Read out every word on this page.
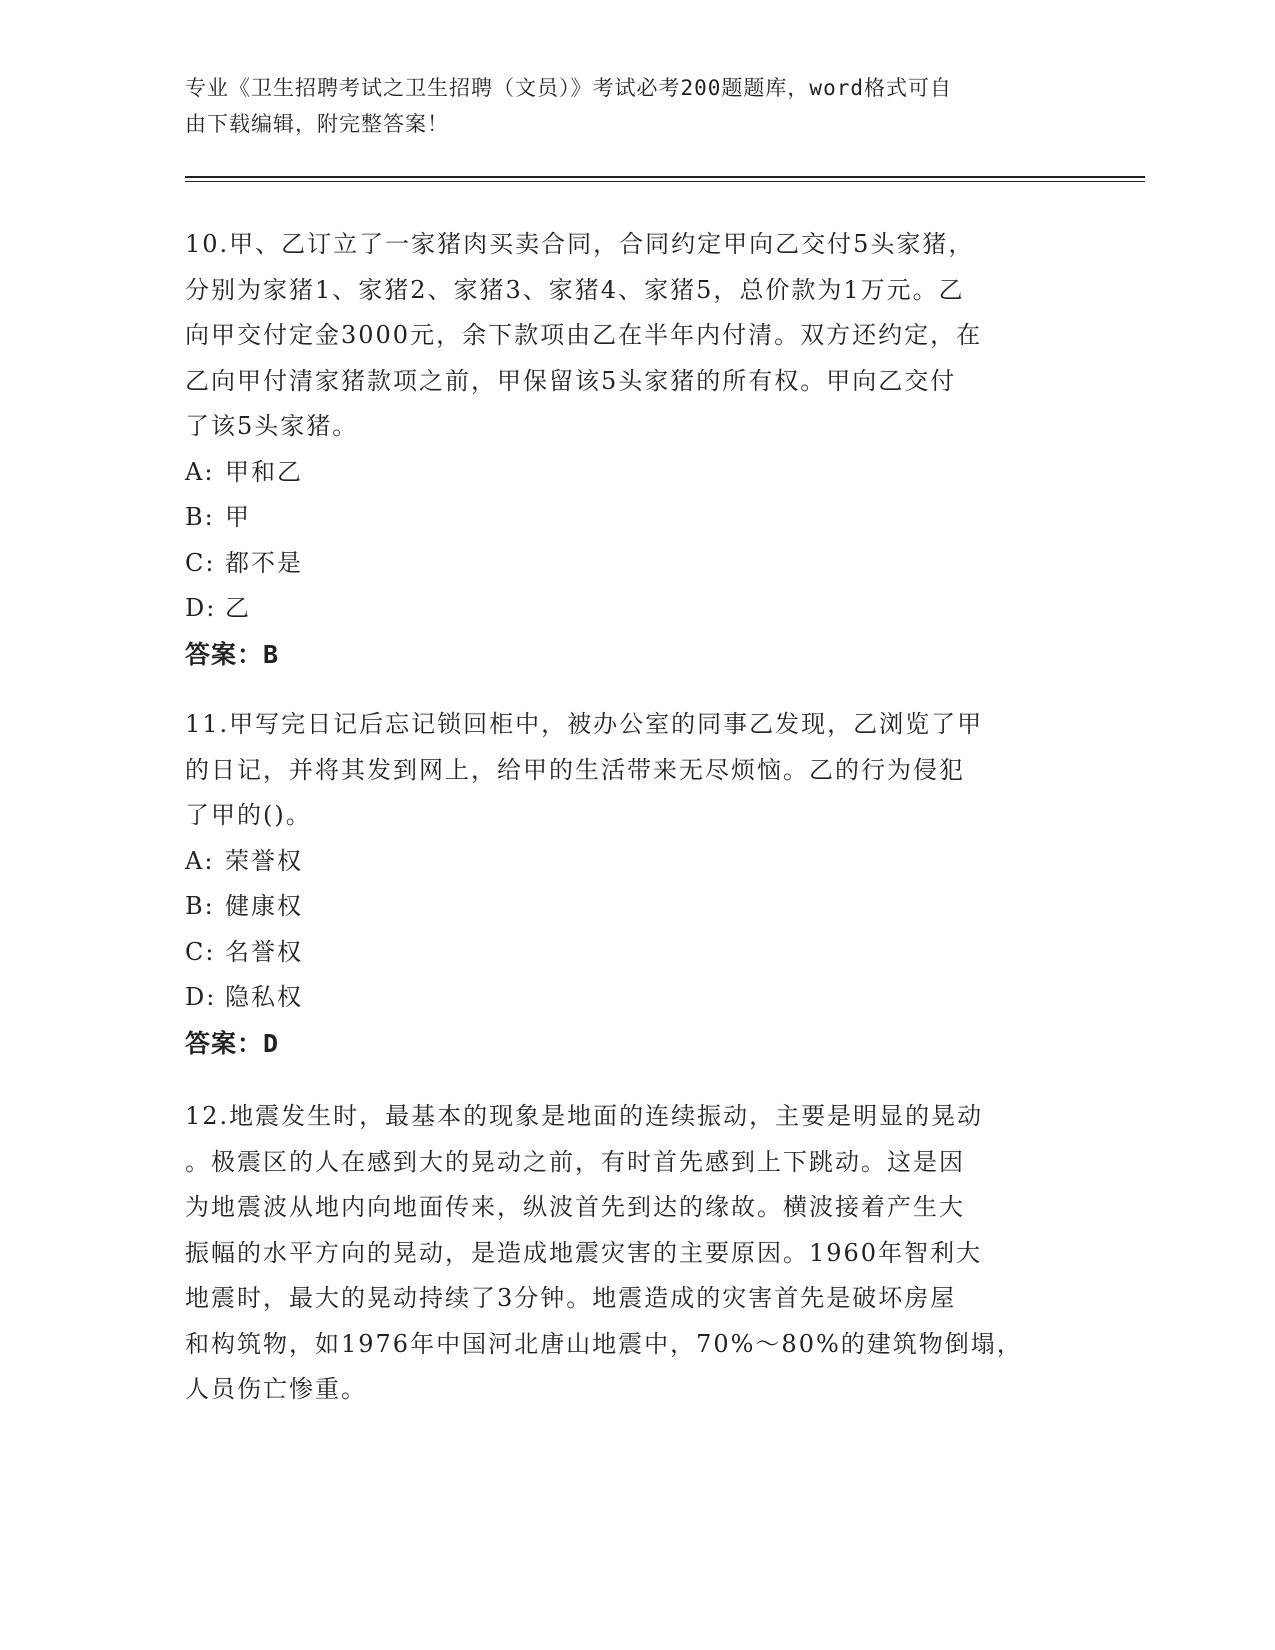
专业《卫生招聘考试之卫生招聘（文员）》考试必考200题题库，word格式可自
由下载编辑，附完整答案！
10.甲、乙订立了一家猪肉买卖合同，合同约定甲向乙交付5头家猪，
分别为家猪1、家猪2、家猪3、家猪4、家猪5，总价款为1万元。乙
向甲交付定金3000元，余下款项由乙在半年内付清。双方还约定，在
乙向甲付清家猪款项之前，甲保留该5头家猪的所有权。甲向乙交付
了该5头家猪。
A: 甲和乙
B: 甲
C: 都不是
D: 乙
答案：B
11.甲写完日记后忘记锁回柜中，被办公室的同事乙发现，乙浏览了甲
的日记，并将其发到网上，给甲的生活带来无尽烦恼。乙的行为侵犯
了甲的()。
A: 荣誉权
B: 健康权
C: 名誉权
D: 隐私权
答案：D
12.地震发生时，最基本的现象是地面的连续振动，主要是明显的晃动
。极震区的人在感到大的晃动之前，有时首先感到上下跳动。这是因
为地震波从地内向地面传来，纵波首先到达的缘故。横波接着产生大
振幅的水平方向的晃动，是造成地震灾害的主要原因。1960年智利大
地震时，最大的晃动持续了3分钟。地震造成的灾害首先是破坏房屋
和构筑物，如1976年中国河北唐山地震中，70%～80%的建筑物倒塌，
人员伤亡惨重。
